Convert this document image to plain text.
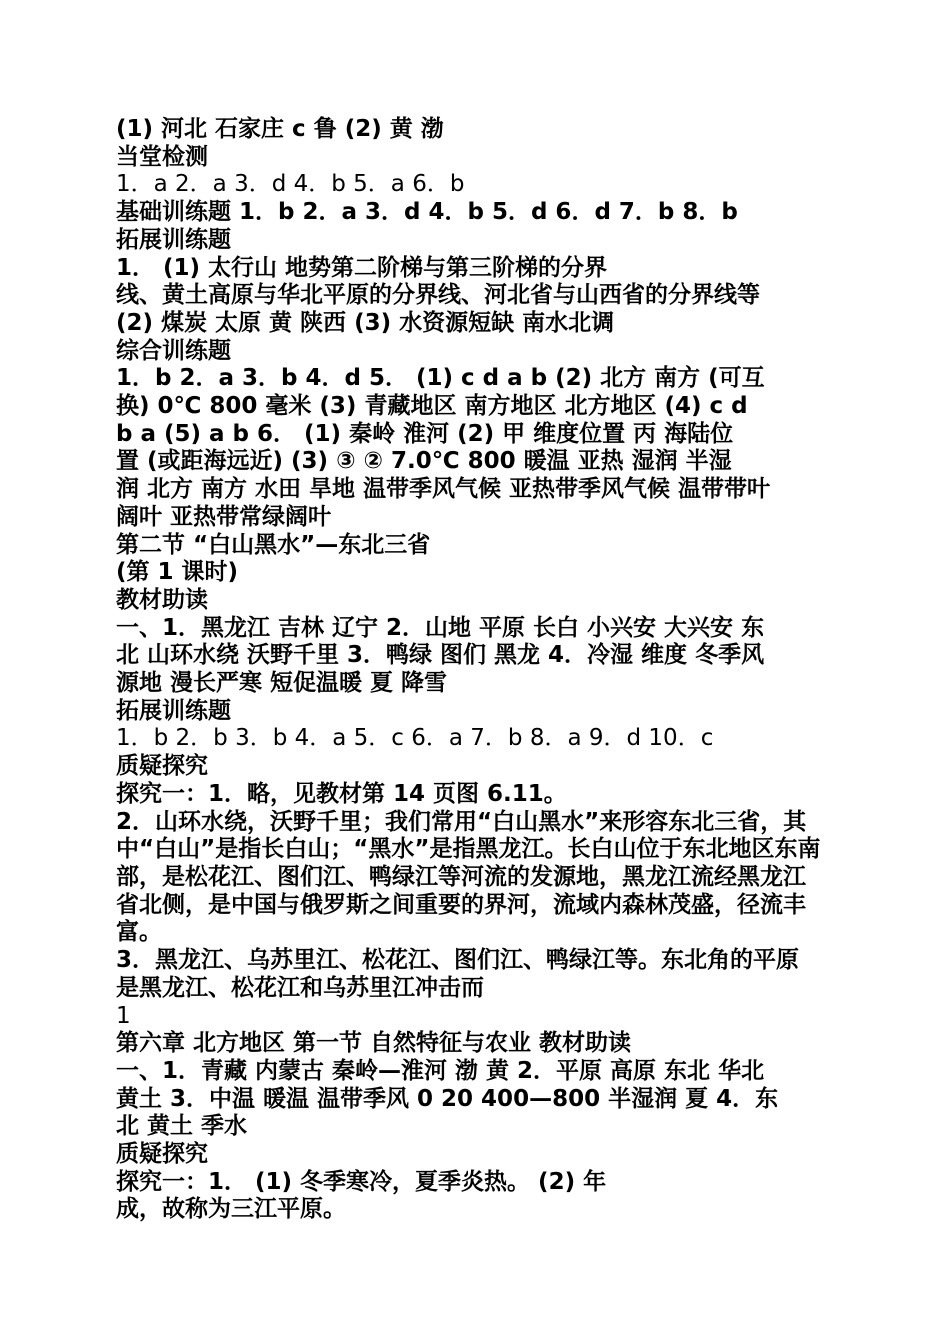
(1) 河北 石家庄 c 鲁 (2) 黄 渤
当堂检测
1．a 2．a 3．d 4．b 5．a 6．b
基础训练题 1．b 2．a 3．d 4．b 5．d 6．d 7．b 8．b
拓展训练题
1． (1) 太行山 地势第二阶梯与第三阶梯的分界
线、黄土高原与华北平原的分界线、河北省与山西省的分界线等
(2) 煤炭 太原 黄 陕西 (3) 水资源短缺 南水北调
综合训练题
1．b 2．a 3．b 4．d 5． (1) c d a b (2) 北方 南方 (可互
换) 0℃ 800 毫米 (3) 青藏地区 南方地区 北方地区 (4) c d
b a (5) a b 6． (1) 秦岭 淮河 (2) 甲 维度位置 丙 海陆位
置 (或距海远近) (3) ③ ② 7.0℃ 800 暖温 亚热 湿润 半湿
润 北方 南方 水田 旱地 温带季风气候 亚热带季风气候 温带带叶
阔叶 亚热带常绿阔叶
第二节 “白山黑水”—东北三省
(第 1 课时)
教材助读
一、1．黑龙江 吉林 辽宁 2．山地 平原 长白 小兴安 大兴安 东
北 山环水绕 沃野千里 3．鸭绿 图们 黑龙 4．冷湿 维度 冬季风
源地 漫长严寒 短促温暖 夏 降雪
拓展训练题
1．b 2．b 3．b 4．a 5．c 6．a 7．b 8．a 9．d 10．c
质疑探究
探究一：1．略，见教材第 14 页图 6.11。
2．山环水绕，沃野千里；我们常用“白山黑水”来形容东北三省，其
中“白山”是指长白山；“黑水”是指黑龙江。长白山位于东北地区东南
部，是松花江、图们江、鸭绿江等河流的发源地，黑龙江流经黑龙江
省北侧，是中国与俄罗斯之间重要的界河，流域内森林茂盛，径流丰
富。
3．黑龙江、乌苏里江、松花江、图们江、鸭绿江等。东北角的平原
是黑龙江、松花江和乌苏里江冲击而
1
第六章 北方地区 第一节 自然特征与农业 教材助读
一、1．青藏 内蒙古 秦岭—淮河 渤 黄 2．平原 高原 东北 华北
黄土 3．中温 暖温 温带季风 0 20 400—800 半湿润 夏 4．东
北 黄土 季水
质疑探究
探究一：1． (1) 冬季寒冷，夏季炎热。 (2) 年
成，故称为三江平原。
